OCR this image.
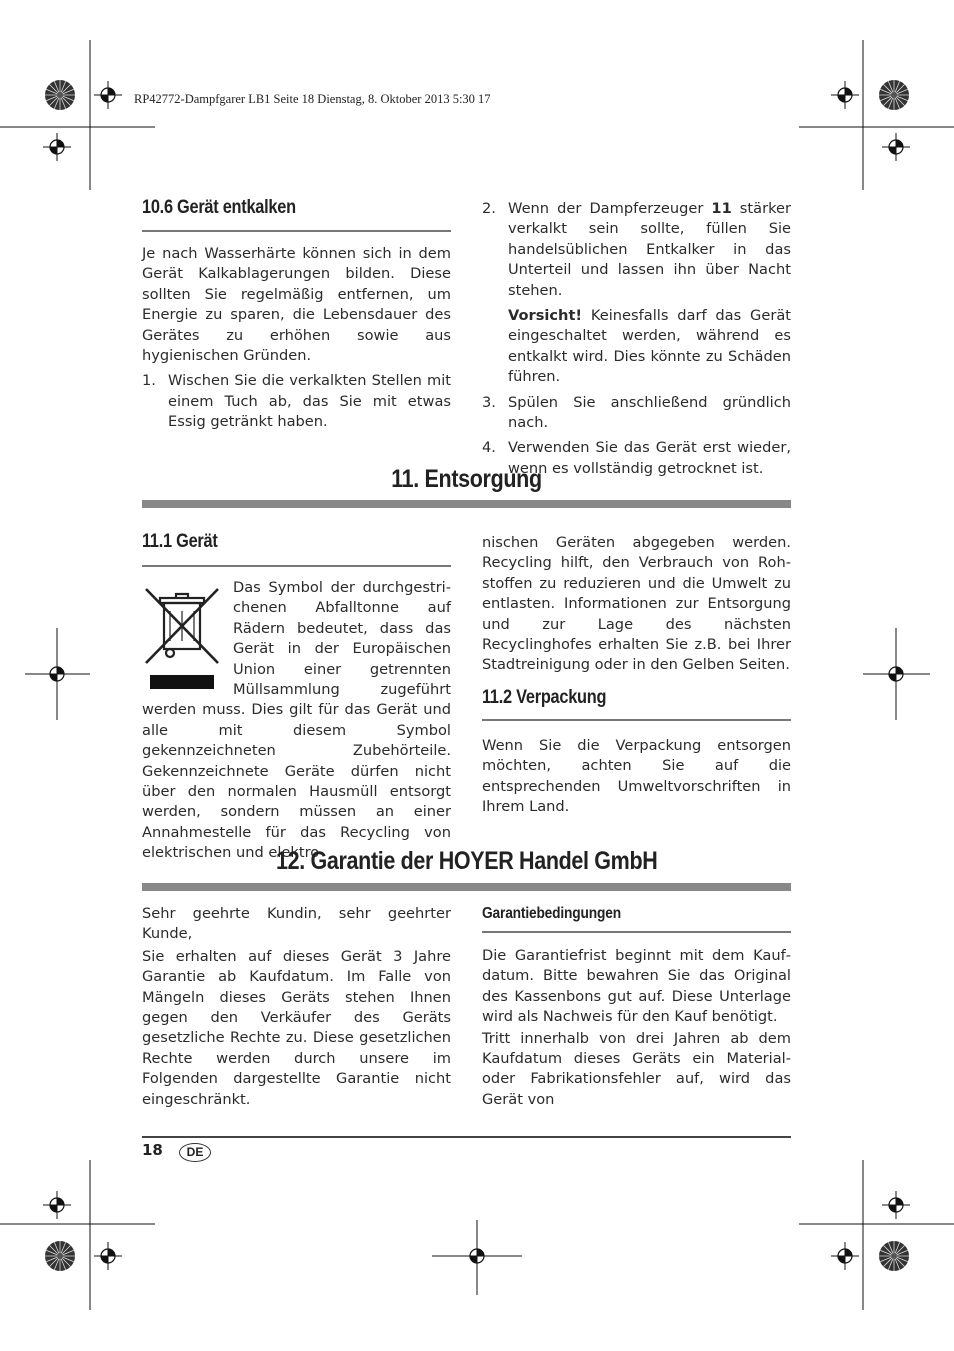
RP42772-Dampfgarer LB1 Seite 18 Dienstag, 8. Oktober 2013 5:30 17
10.6 Gerät entkalken

Je nach Wasserhärte können sich in dem Gerät Kalkablagerungen bilden. Diese sollten Sie regelmäßig entfernen, um Energie zu sparen, die Lebensdauer des Gerätes zu erhöhen sowie aus hygienischen Gründen.

1. Wischen Sie die verkalkten Stellen mit einem Tuch ab, das Sie mit etwas Essig getränkt haben.
2. Wenn der Dampferzeuger 11 stärker verkalkt sein sollte, füllen Sie handelsüblichen Entkalker in das Unterteil und lassen ihn über Nacht stehen.

Vorsicht! Keinesfalls darf das Gerät eingeschaltet werden, während es entkalkt wird. Dies könnte zu Schäden führen.

3. Spülen Sie anschließend gründlich nach.
4. Verwenden Sie das Gerät erst wieder, wenn es vollständig getrocknet ist.
11. Entsorgung
11.1 Gerät

Das Symbol der durchgestrichenen Abfalltonne auf Rädern bedeutet, dass das Gerät in der Europäischen Union einer getrennten Müllsammlung zugeführt werden muss. Dies gilt für das Gerät und alle mit diesem Symbol gekennzeichneten Zubehörteile. Gekennzeichnete Geräte dürfen nicht über den normalen Hausmüll entsorgt werden, sondern müssen an einer Annahmestelle für das Recycling von elektrischen und elektro

nischen Geräten abgegeben werden. Recycling hilft, den Verbrauch von Rohstoffen zu reduzieren und die Umwelt zu entlasten. Informationen zur Entsorgung und zur Lage des nächsten Recyclinghofes erhalten Sie z.B. bei Ihrer Stadtreinigung oder in den Gelben Seiten.

11.2 Verpackung

Wenn Sie die Verpackung entsorgen möchten, achten Sie auf die entsprechenden Umweltvorschriften in Ihrem Land.

12. Garantie der HOYER Handel GmbH

Sehr geehrte Kundin, sehr geehrter Kunde,

Sie erhalten auf dieses Gerät 3 Jahre Garantie ab Kaufdatum. Im Falle von Mängeln dieses Geräts stehen Ihnen gegen den Verkäufer des Geräts gesetzliche Rechte zu. Diese gesetzlichen Rechte werden durch unsere im Folgenden dargestellte Garantie nicht eingeschränkt.

Garantiebedingungen

Die Garantiefrist beginnt mit dem Kaufdatum. Bitte bewahren Sie das Original des Kassenbons gut auf. Diese Unterlage wird als Nachweis für den Kauf benötigt.

Tritt innerhalb von drei Jahren ab dem Kaufdatum dieses Geräts ein Material- oder Fabrikationsfehler auf, wird das Gerät von

18	DE
